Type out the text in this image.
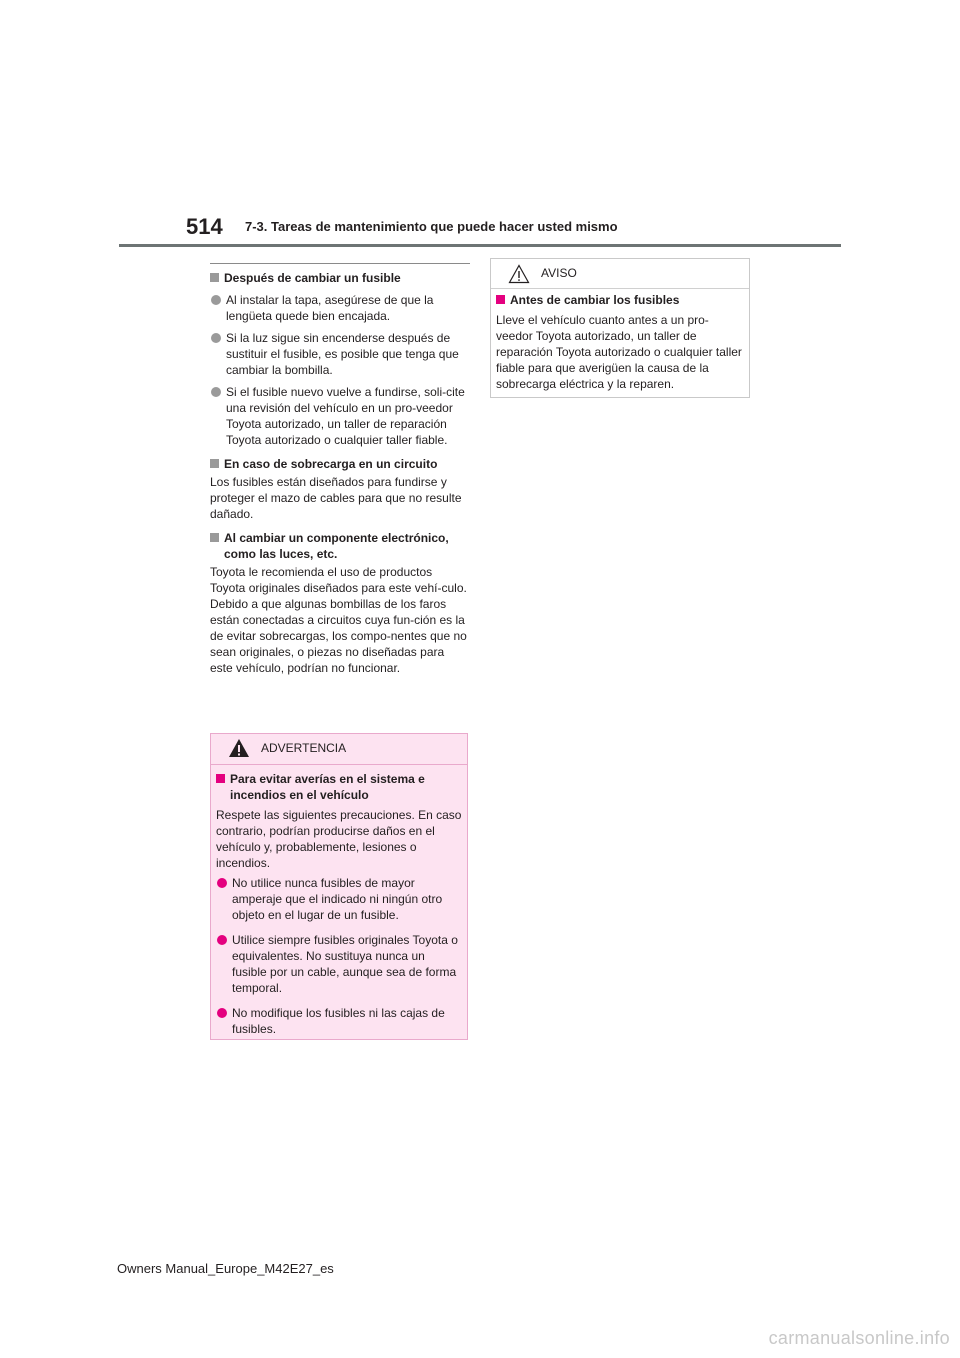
514 7-3. Tareas de mantenimiento que puede hacer usted mismo
Después de cambiar un fusible
Al instalar la tapa, asegúrese de que la lengüeta quede bien encajada.
Si la luz sigue sin encenderse después de sustituir el fusible, es posible que tenga que cambiar la bombilla.
Si el fusible nuevo vuelve a fundirse, soli-cite una revisión del vehículo en un pro-veedor Toyota autorizado, un taller de reparación Toyota autorizado o cualquier taller fiable.
En caso de sobrecarga en un circuito
Los fusibles están diseñados para fundirse y proteger el mazo de cables para que no resulte dañado.
Al cambiar un componente electrónico, como las luces, etc.
Toyota le recomienda el uso de productos Toyota originales diseñados para este vehí-culo. Debido a que algunas bombillas de los faros están conectadas a circuitos cuya fun-ción es la de evitar sobrecargas, los compo-nentes que no sean originales, o piezas no diseñadas para este vehículo, podrían no funcionar.
ADVERTENCIA
Para evitar averías en el sistema e incendios en el vehículo
Respete las siguientes precauciones. En caso contrario, podrían producirse daños en el vehículo y, probablemente, lesiones o incendios.
No utilice nunca fusibles de mayor amperaje que el indicado ni ningún otro objeto en el lugar de un fusible.
Utilice siempre fusibles originales Toyota o equivalentes. No sustituya nunca un fusible por un cable, aunque sea de forma temporal.
No modifique los fusibles ni las cajas de fusibles.
AVISO
Antes de cambiar los fusibles
Lleve el vehículo cuanto antes a un pro-veedor Toyota autorizado, un taller de reparación Toyota autorizado o cualquier taller fiable para que averigüen la causa de la sobrecarga eléctrica y la reparen.
Owners Manual_Europe_M42E27_es
carmanualsonline.info
